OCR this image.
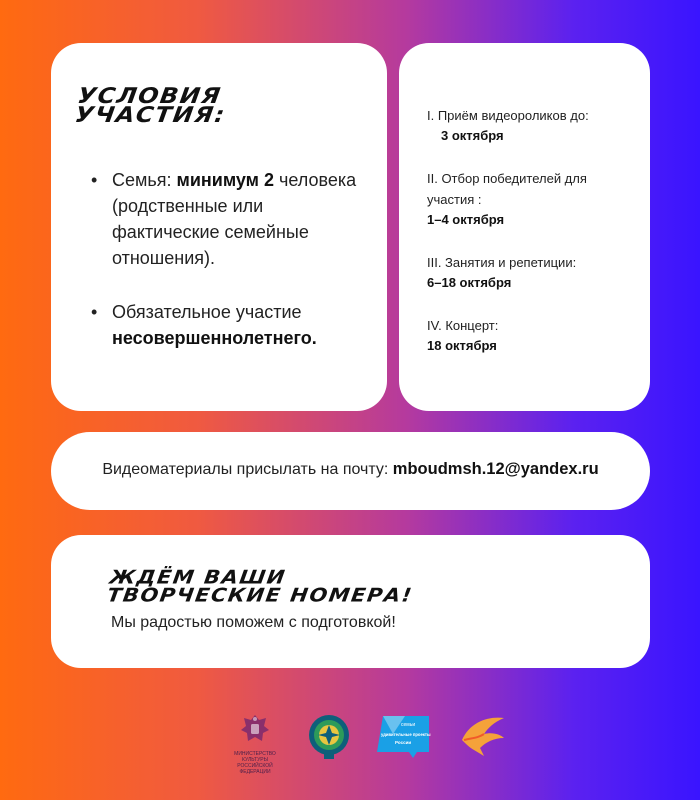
УСЛОВИЯ
УЧАСТИЯ:
• Семья: минимум 2 человека (родственные или фактические семейные отношения).
• Обязательное участие несовершеннолетнего.
I. Приём видеороликов до:
3 октября
II. Отбор победителей для участия :
1–4 октября
III. Занятия и репетиции:
6–18 октября
IV. Концерт:
18 октября
Видеоматериалы присылать на почту: mboudmsh.12@yandex.ru
ЖДЁМ ВАШИ
ТВОРЧЕСКИЕ НОМЕРА!
Мы радостью поможем с подготовкой!
МИНИСТЕРСТВО КУЛЬТУРЫ РОССИЙСКОЙ ФЕДЕРАЦИИ
семьи
удивительные проекты
России
